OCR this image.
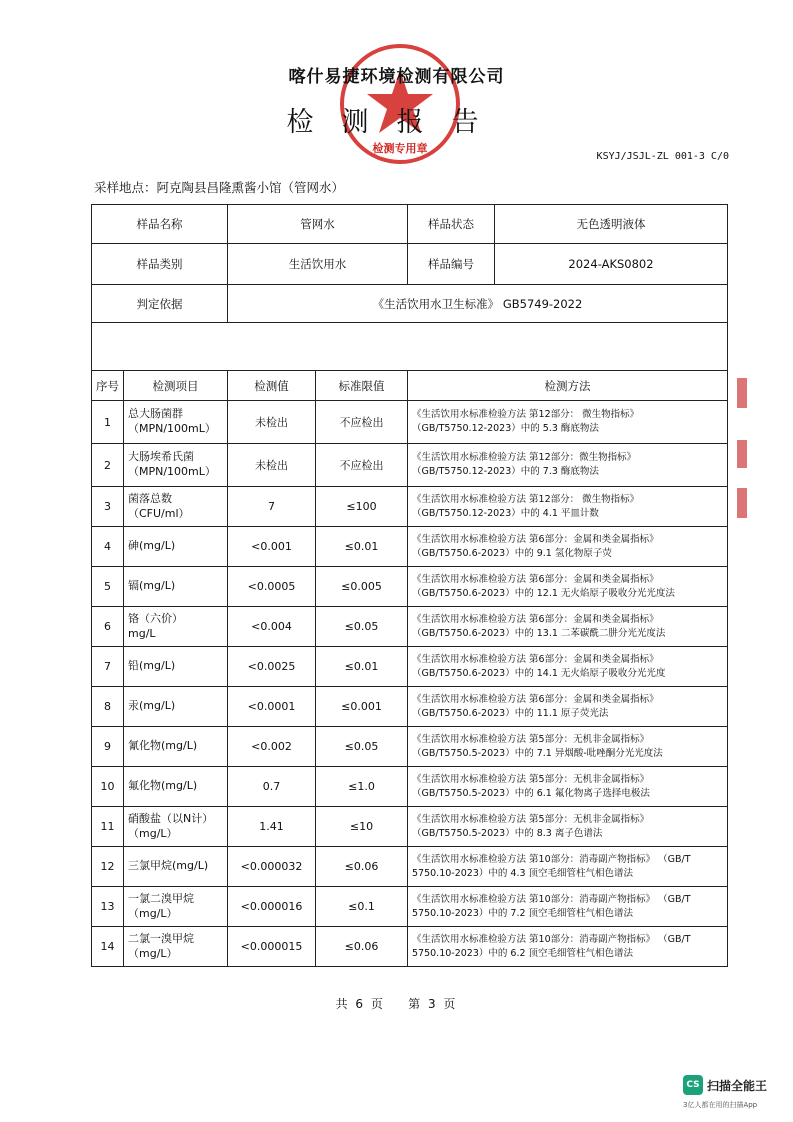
检测专用章
喀什易捷环境检测有限公司
检测报告
KSYJ/JSJL-ZL 001-3 C/0
采样地点：阿克陶县昌隆熏酱小馆（管网水）
样品名称		管网水		样品状态 无色透明液体

样品类别		生活饮用水		样品编号 2024-AKS0802

判定依据		《生活饮用水卫生标准》 GB5749-2022		

序号	检测项目	检测值	标准限值	检测方法
1	总大肠菌群
（MPN/100mL）	未检出	不应检出	《生活饮用水标准检验方法 第12部分： 微生物指标》
（GB/T5750.12-2023）中的 5.3 酶底物法
2	大肠埃希氏菌
（MPN/100mL）	未检出	不应检出	《生活饮用水标准检验方法 第12部分：微生物指标》
（GB/T5750.12-2023）中的 7.3 酶底物法
3	菌落总数
（CFU/ml）	7	≤100	《生活饮用水标准检验方法 第12部分： 微生物指标》
（GB/T5750.12-2023）中的 4.1 平皿计数
4	砷(mg/L)	<0.001	≤0.01	《生活饮用水标准检验方法 第6部分：金属和类金属指标》
（GB/T5750.6-2023）中的 9.1 氢化物原子荧
5	镉(mg/L)	<0.0005	≤0.005	《生活饮用水标准检验方法 第6部分：金属和类金属指标》
（GB/T5750.6-2023）中的 12.1 无火焰原子吸收分光光度法
6	铬（六价）
mg/L	<0.004	≤0.05	《生活饮用水标准检验方法 第6部分：金属和类金属指标》
（GB/T5750.6-2023）中的 13.1 二苯碳酰二肼分光光度法
7	铅(mg/L)	<0.0025	≤0.01	《生活饮用水标准检验方法 第6部分：金属和类金属指标》
（GB/T5750.6-2023）中的 14.1 无火焰原子吸收分光光度
8	汞(mg/L)	<0.0001	≤0.001	《生活饮用水标准检验方法 第6部分：金属和类金属指标》
（GB/T5750.6-2023）中的 11.1 原子荧光法
9	氰化物(mg/L)	<0.002	≤0.05	《生活饮用水标准检验方法 第5部分：无机非金属指标》
（GB/T5750.5-2023）中的 7.1 异烟酸-吡唑酮分光光度法
10	氟化物(mg/L)	0.7	≤1.0	《生活饮用水标准检验方法 第5部分：无机非金属指标》
（GB/T5750.5-2023）中的 6.1 氟化物离子选择电极法
11	硝酸盐（以N计）
（mg/L）	1.41	≤10	《生活饮用水标准检验方法 第5部分：无机非金属指标》
（GB/T5750.5-2023）中的 8.3 离子色谱法
12	三氯甲烷(mg/L)	<0.000032	≤0.06	《生活饮用水标准检验方法 第10部分：消毒副产物指标》 （GB/T
5750.10-2023）中的 4.3 顶空毛细管柱气相色谱法
13	一氯二溴甲烷
（mg/L）	<0.000016	≤0.1	《生活饮用水标准检验方法 第10部分：消毒副产物指标》 （GB/T
5750.10-2023）中的 7.2 顶空毛细管柱气相色谱法
14	二氯一溴甲烷
（mg/L）	<0.000015	≤0.06	《生活饮用水标准检验方法 第10部分：消毒副产物指标》 （GB/T
5750.10-2023）中的 6.2 顶空毛细管柱气相色谱法
共 6 页 第 3 页
CS 扫描全能王
3亿人都在用的扫描App
